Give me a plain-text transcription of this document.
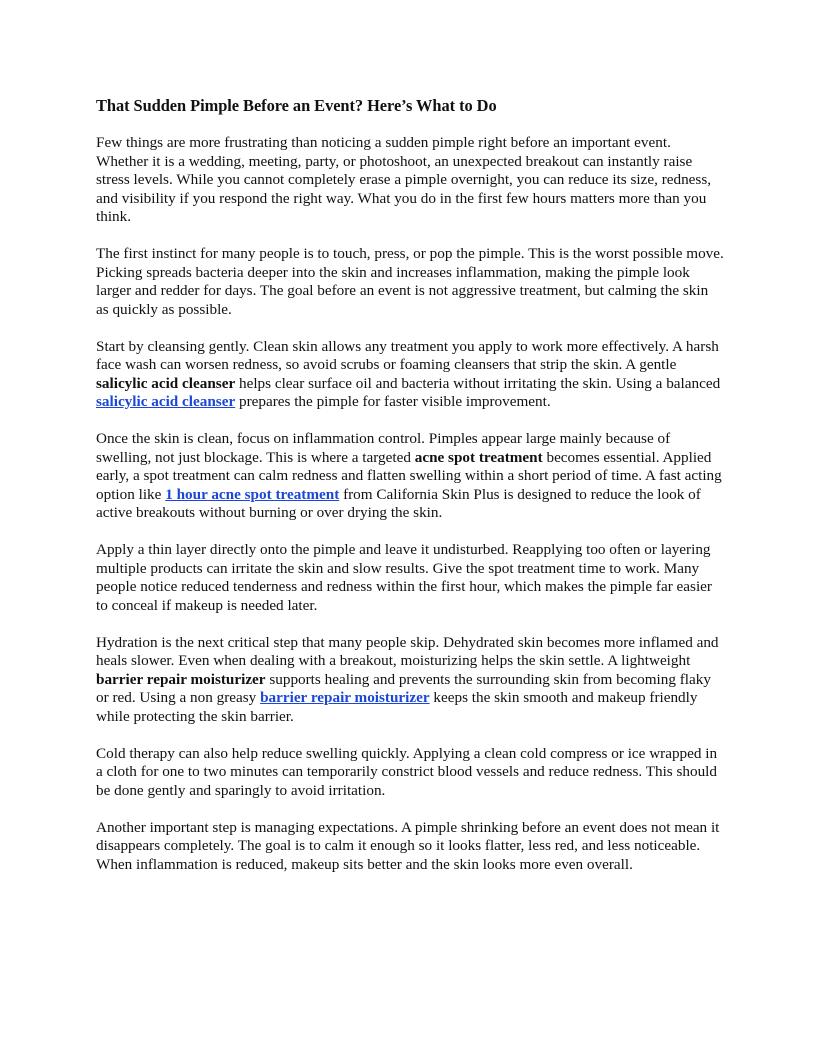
That Sudden Pimple Before an Event? Here’s What to Do
Few things are more frustrating than noticing a sudden pimple right before an important event. Whether it is a wedding, meeting, party, or photoshoot, an unexpected breakout can instantly raise stress levels. While you cannot completely erase a pimple overnight, you can reduce its size, redness, and visibility if you respond the right way. What you do in the first few hours matters more than you think.
The first instinct for many people is to touch, press, or pop the pimple. This is the worst possible move. Picking spreads bacteria deeper into the skin and increases inflammation, making the pimple look larger and redder for days. The goal before an event is not aggressive treatment, but calming the skin as quickly as possible.
Start by cleansing gently. Clean skin allows any treatment you apply to work more effectively. A harsh face wash can worsen redness, so avoid scrubs or foaming cleansers that strip the skin. A gentle salicylic acid cleanser helps clear surface oil and bacteria without irritating the skin. Using a balanced salicylic acid cleanser prepares the pimple for faster visible improvement.
Once the skin is clean, focus on inflammation control. Pimples appear large mainly because of swelling, not just blockage. This is where a targeted acne spot treatment becomes essential. Applied early, a spot treatment can calm redness and flatten swelling within a short period of time. A fast acting option like 1 hour acne spot treatment from California Skin Plus is designed to reduce the look of active breakouts without burning or over drying the skin.
Apply a thin layer directly onto the pimple and leave it undisturbed. Reapplying too often or layering multiple products can irritate the skin and slow results. Give the spot treatment time to work. Many people notice reduced tenderness and redness within the first hour, which makes the pimple far easier to conceal if makeup is needed later.
Hydration is the next critical step that many people skip. Dehydrated skin becomes more inflamed and heals slower. Even when dealing with a breakout, moisturizing helps the skin settle. A lightweight barrier repair moisturizer supports healing and prevents the surrounding skin from becoming flaky or red. Using a non greasy barrier repair moisturizer keeps the skin smooth and makeup friendly while protecting the skin barrier.
Cold therapy can also help reduce swelling quickly. Applying a clean cold compress or ice wrapped in a cloth for one to two minutes can temporarily constrict blood vessels and reduce redness. This should be done gently and sparingly to avoid irritation.
Another important step is managing expectations. A pimple shrinking before an event does not mean it disappears completely. The goal is to calm it enough so it looks flatter, less red, and less noticeable. When inflammation is reduced, makeup sits better and the skin looks more even overall.
